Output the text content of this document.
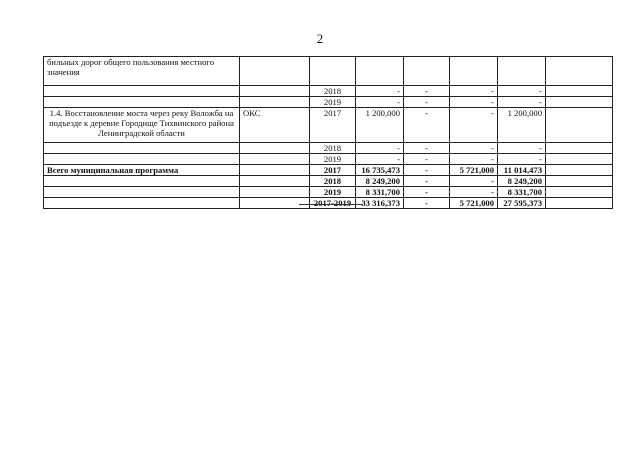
2
бильных дорог общего пользования местного значения							
		2018	-	-	-	-	
		2019	-	-	-	-	
1.4. Восстановление моста через реку Воложба на подъезде к деревне Городище Тихвинского района Ленинградской области	ОКС	2017	1 200,000	-	-	1 200,000	
		2018	-	-	-	-	
		2019	-	-	-	-	
Всего муниципальная программа		2017	16 735,473	-	5 721,000	11 014,473	
		2018	8 249,200	-	-	8 249,200	
		2019	8 331,700	-	-	8 331,700	
		2017-2019	33 316,373	-	5 721,000	27 595,373	
